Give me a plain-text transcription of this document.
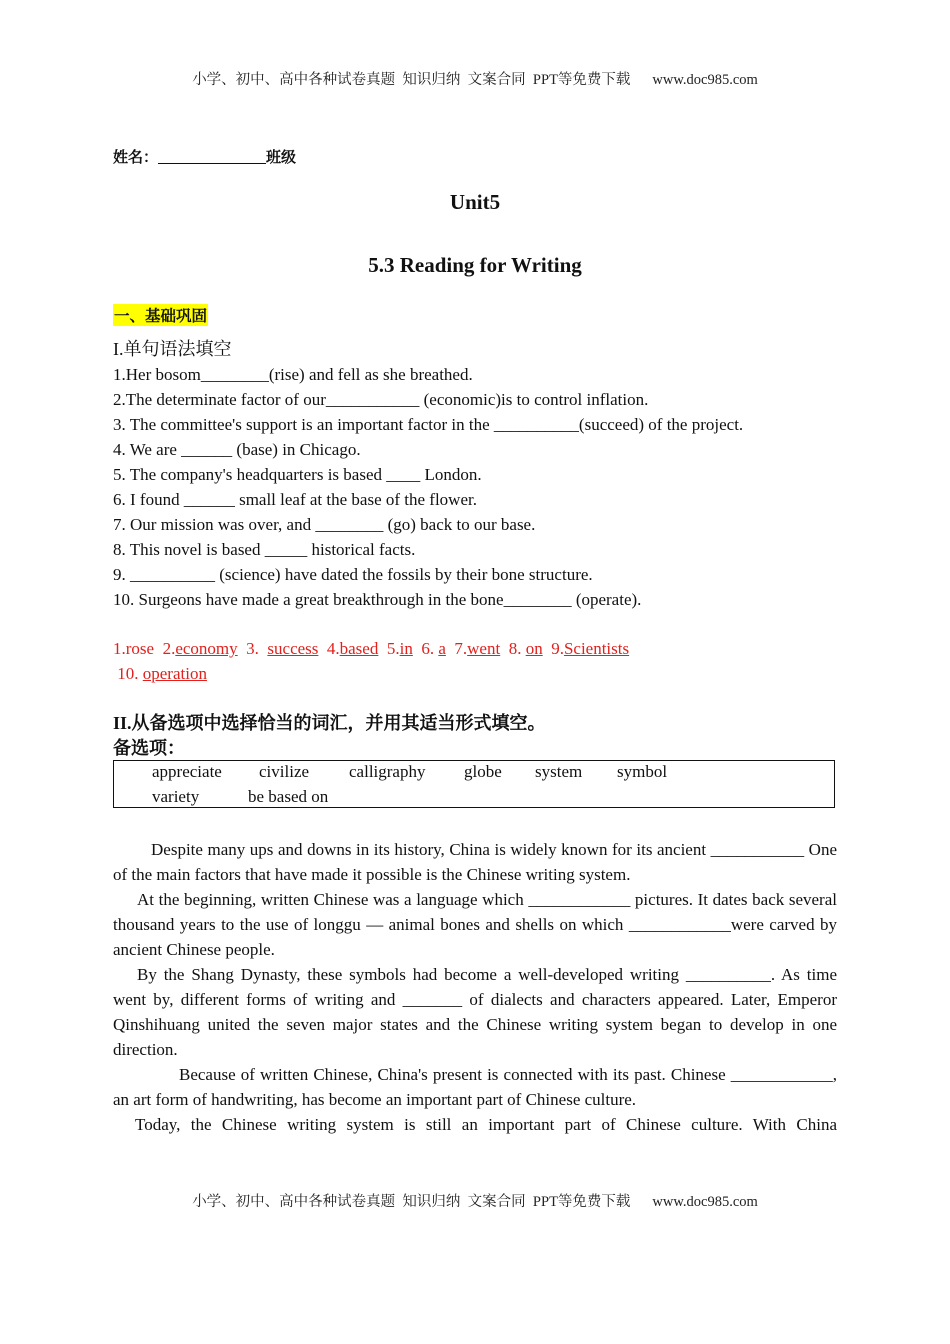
小学、初中、高中各种试卷真题  知识归纳  文案合同  PPT等免费下载 www.doc985.com
姓名：	班级
Unit5
5.3 Reading for Writing
一、基础巩固

I.单句语法填空

1.Her bosom________(rise) and fell as she breathed.

2.The determinate factor of our___________ (economic)is to control inflation.

3. The committee's support is an important factor in the __________(succeed) of the project.

4. We are ______ (base) in Chicago.

5. The company's headquarters is based ____ London.

6. I found ______ small leaf at the base of the flower.

7. Our mission was over, and ________ (go) back to our base.

8. This novel is based _____ historical facts.

9. __________ (science) have dated the fossils by their bone structure.

10. Surgeons have made a great breakthrough in the bone________ (operate).

1.rose 2.economy 3. success 4.based 5.in 6. a 7.went 8. on 9.Scientists

10. operation

II.从备选项中选择恰当的词汇，并用其适当形式填空。
备选项：
appreciate civilize calligraphy globe system symbol
variety	be based on

Despite many ups and downs in its history, China is widely known for its ancient ___________ One of the main factors that have made it possible is the Chinese writing system.

At the beginning, written Chinese was a language which ____________ pictures. It dates back several thousand years to the use of longgu — animal bones and shells on which ____________were carved by ancient Chinese people.

By the Shang Dynasty, these symbols had become a well-developed writing __________. As time went by, different forms of writing and _______ of dialects and characters appeared. Later, Emperor Qinshihuang united the seven major states and the Chinese writing system began to develop in one direction.

Because of written Chinese, China's present is connected with its past. Chinese ____________, an art form of handwriting, has become an important part of Chinese culture.

Today, the Chinese writing system is still an important part of Chinese culture. With China

小学、初中、高中各种试卷真题  知识归纳  文案合同  PPT等免费下载 www.doc985.com
